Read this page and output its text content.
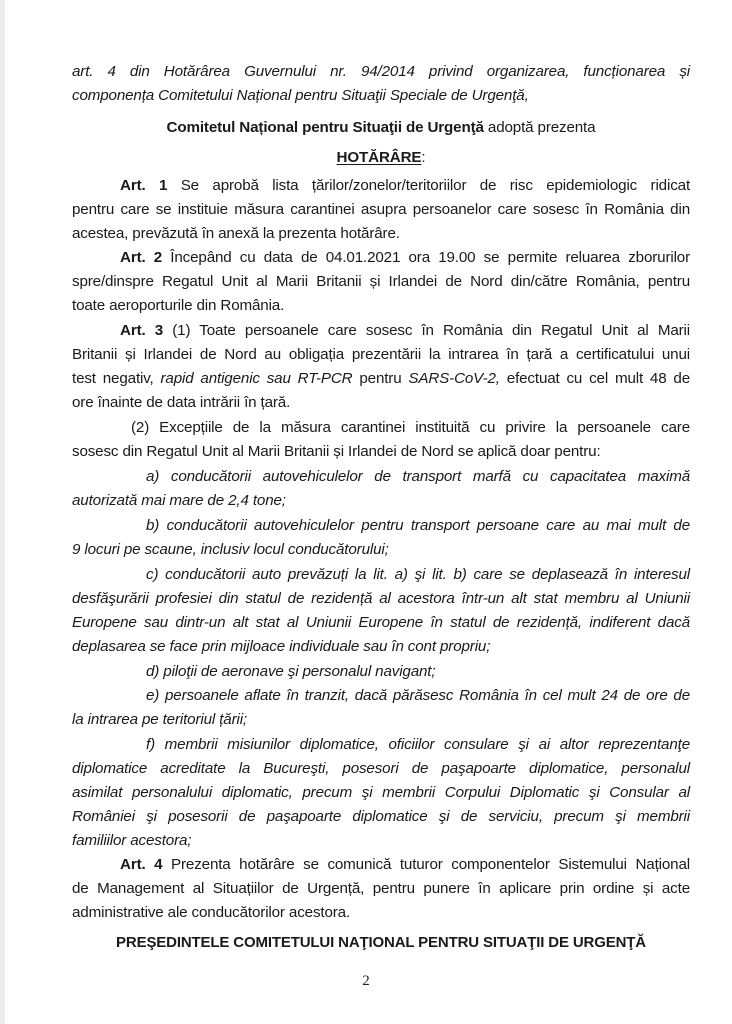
art. 4 din Hotărârea Guvernului nr. 94/2014 privind organizarea, funcționarea și
componența Comitetului Național pentru Situaţii Speciale de Urgenţă,
Comitetul Național pentru Situaţii de Urgenţă adoptă prezenta
HOTĂRÂRE:
Art. 1 Se aprobă lista țărilor/zonelor/teritoriilor de risc epidemiologic ridicat
pentru care se instituie măsura carantinei asupra persoanelor care sosesc în România din
acestea, prevăzută în anexă la prezenta hotărâre.
Art. 2 Începând cu data de 04.01.2021 ora 19.00 se permite reluarea zborurilor
spre/dinspre Regatul Unit al Marii Britanii și Irlandei de Nord din/către România, pentru
toate aeroporturile din România.
Art. 3 (1) Toate persoanele care sosesc în România din Regatul Unit al Marii
Britanii și Irlandei de Nord au obligația prezentării la intrarea în țară a certificatului unui
test negativ, rapid antigenic sau RT-PCR pentru SARS-CoV-2, efectuat cu cel mult 48 de
ore înainte de data intrării în țară.
(2) Excepțiile de la măsura carantinei instituită cu privire la persoanele care
sosesc din Regatul Unit al Marii Britanii și Irlandei de Nord se aplică doar pentru:
a) conducătorii autovehiculelor de transport marfă cu capacitatea maximă
autorizată mai mare de 2,4 tone;
b) conducătorii autovehiculelor pentru transport persoane care au mai mult de
9 locuri pe scaune, inclusiv locul conducătorului;
c) conducătorii auto prevăzuți la lit. a) şi lit. b) care se deplasează în interesul
desfăşurării profesiei din statul de rezidență al acestora într-un alt stat membru al Uniunii
Europene sau dintr-un alt stat al Uniunii Europene în statul de rezidență, indiferent dacă
deplasarea se face prin mijloace individuale sau în cont propriu;
d) piloţii de aeronave şi personalul navigant;
e) persoanele aflate în tranzit, dacă părăsesc România în cel mult 24 de ore de
la intrarea pe teritoriul țării;
f) membrii misiunilor diplomatice, oficiilor consulare şi ai altor reprezentanţe
diplomatice acreditate la Bucureşti, posesori de paşapoarte diplomatice, personalul
asimilat personalului diplomatic, precum şi membrii Corpului Diplomatic şi Consular al
României şi posesorii de paşapoarte diplomatice şi de serviciu, precum şi membrii
familiilor acestora;
Art. 4 Prezenta hotărâre se comunică tuturor componentelor Sistemului Național
de Management al Situațiilor de Urgență, pentru punere în aplicare prin ordine și acte
administrative ale conducătorilor acestora.
PREŞEDINTELE COMITETULUI NAŢIONAL PENTRU SITUAŢII DE URGENŢĂ
2
